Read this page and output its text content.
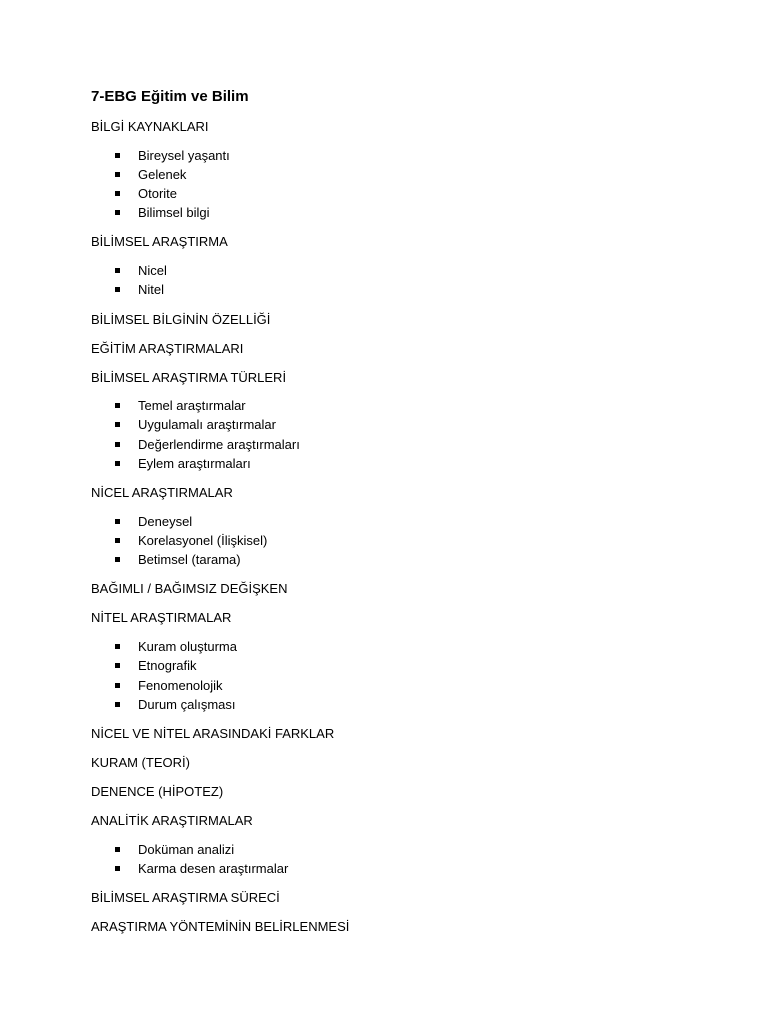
7-EBG Eğitim ve Bilim
BİLGİ KAYNAKLARI
Bireysel yaşantı
Gelenek
Otorite
Bilimsel bilgi
BİLİMSEL ARAŞTIRMA
Nicel
Nitel
BİLİMSEL BİLGİNİN ÖZELLİĞİ
EĞİTİM ARAŞTIRMALARI
BİLİMSEL ARAŞTIRMA TÜRLERİ
Temel araştırmalar
Uygulamalı araştırmalar
Değerlendirme araştırmaları
Eylem araştırmaları
NİCEL ARAŞTIRMALAR
Deneysel
Korelasyonel (İlişkisel)
Betimsel (tarama)
BAĞIMLI / BAĞIMSIZ DEĞİŞKEN
NİTEL ARAŞTIRMALAR
Kuram oluşturma
Etnografik
Fenomenolojik
Durum çalışması
NİCEL VE NİTEL ARASINDAKİ FARKLAR
KURAM (TEORİ)
DENENCE (HİPOTEZ)
ANALİTİK ARAŞTIRMALAR
Doküman analizi
Karma desen araştırmalar
BİLİMSEL ARAŞTIRMA SÜRECİ
ARAŞTIRMA YÖNTEMİNİN BELİRLENMESİ
